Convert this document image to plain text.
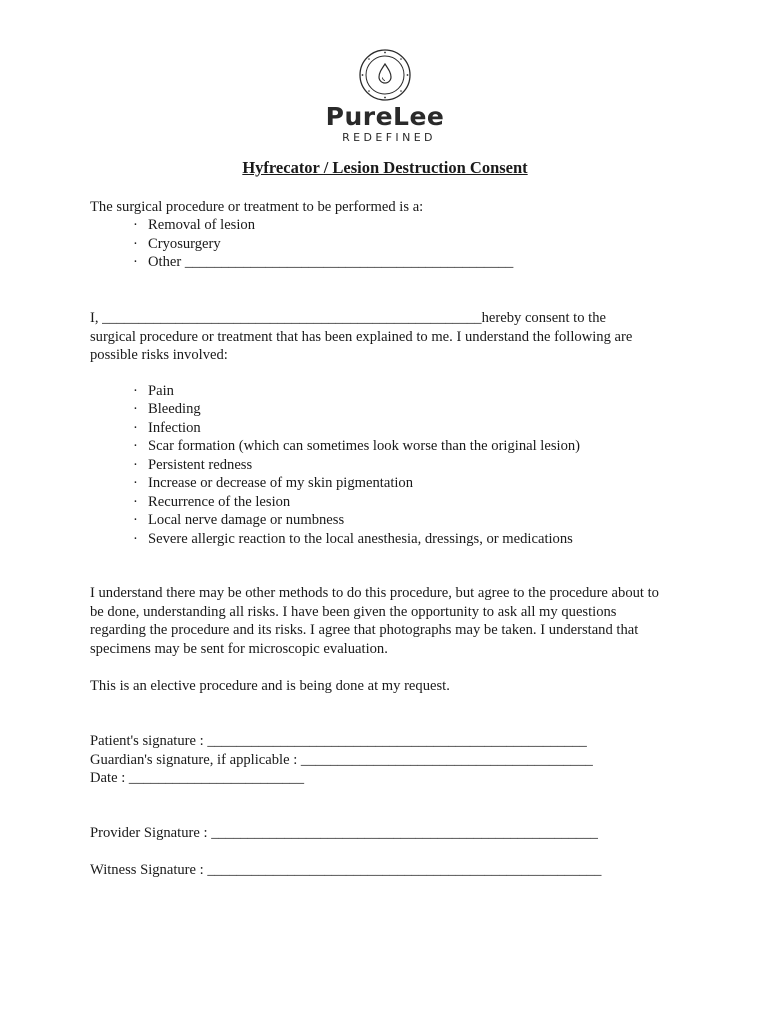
PureLee
REDEFINED
Hyfrecator / Lesion Destruction Consent
The surgical procedure or treatment to be performed is a:
· Removal of lesion
· Cryosurgery
· Other _____________________________________________
I, ____________________________________________________hereby consent to the
surgical procedure or treatment that has been explained to me. I understand the following are
possible risks involved:
· Pain
· Bleeding
· Infection
· Scar formation (which can sometimes look worse than the original lesion)
· Persistent redness
· Increase or decrease of my skin pigmentation
· Recurrence of the lesion
· Local nerve damage or numbness
· Severe allergic reaction to the local anesthesia, dressings, or medications
I understand there may be other methods to do this procedure, but agree to the procedure about to
be done, understanding all risks. I have been given the opportunity to ask all my questions
regarding the procedure and its risks. I agree that photographs may be taken. I understand that
specimens may be sent for microscopic evaluation.
This is an elective procedure and is being done at my request.
Patient's signature : ____________________________________________________
Guardian's signature, if applicable : ________________________________________
Date : ________________________
Provider Signature : _____________________________________________________
Witness Signature : ______________________________________________________
